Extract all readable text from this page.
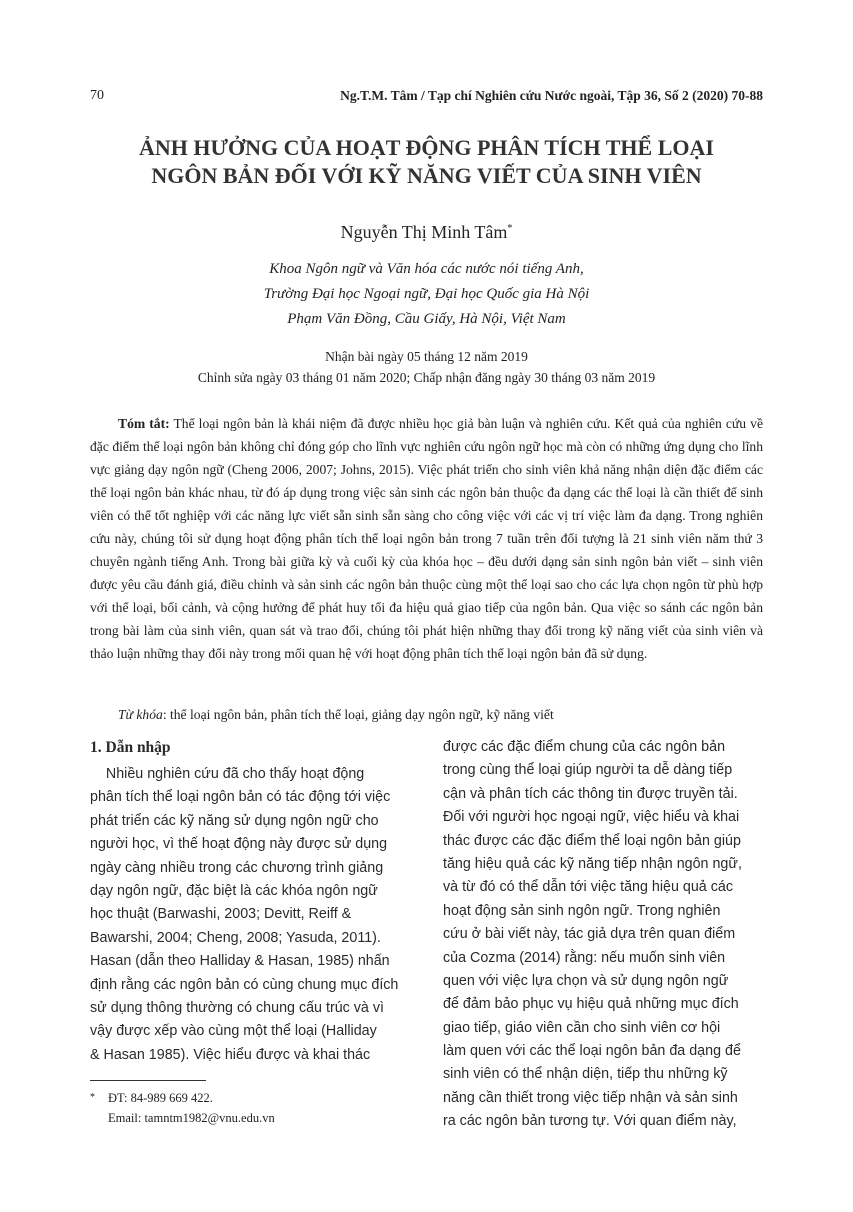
70	Ng.T.M. Tâm / Tạp chí Nghiên cứu Nước ngoài, Tập 36, Số 2 (2020) 70-88
ẢNH HƯỞNG CỦA HOẠT ĐỘNG PHÂN TÍCH THỂ LOẠI
NGÔN BẢN ĐỐI VỚI KỸ NĂNG VIẾT CỦA SINH VIÊN
Nguyễn Thị Minh Tâm*
Khoa Ngôn ngữ và Văn hóa các nước nói tiếng Anh,
Trường Đại học Ngoại ngữ, Đại học Quốc gia Hà Nội
Phạm Văn Đồng, Cầu Giấy, Hà Nội, Việt Nam
Nhận bài ngày 05 tháng 12 năm 2019
Chỉnh sửa ngày 03 tháng 01 năm 2020; Chấp nhận đăng ngày 30 tháng 03 năm 2019
Tóm tắt: Thể loại ngôn bản là khái niệm đã được nhiều học giả bàn luận và nghiên cứu. Kết quả của nghiên cứu về đặc điểm thể loại ngôn bản không chỉ đóng góp cho lĩnh vực nghiên cứu ngôn ngữ học mà còn có những ứng dụng cho lĩnh vực giảng dạy ngôn ngữ (Cheng 2006, 2007; Johns, 2015). Việc phát triển cho sinh viên khả năng nhận diện đặc điểm các thể loại ngôn bản khác nhau, từ đó áp dụng trong việc sản sinh các ngôn bản thuộc đa dạng các thể loại là cần thiết để sinh viên có thể tốt nghiệp với các năng lực viết sẵn sinh sẵn sàng cho công việc với các vị trí việc làm đa dạng. Trong nghiên cứu này, chúng tôi sử dụng hoạt động phân tích thể loại ngôn bản trong 7 tuần trên đối tượng là 21 sinh viên năm thứ 3 chuyên ngành tiếng Anh. Trong bài giữa kỳ và cuối kỳ của khóa học – đều dưới dạng sản sinh ngôn bản viết – sinh viên được yêu cầu đánh giá, điều chỉnh và sản sinh các ngôn bản thuộc cùng một thể loại sao cho các lựa chọn ngôn từ phù hợp với thể loại, bối cảnh, và cộng hưởng để phát huy tối đa hiệu quả giao tiếp của ngôn bản. Qua việc so sánh các ngôn bản trong bài làm của sinh viên, quan sát và trao đổi, chúng tôi phát hiện những thay đổi trong kỹ năng viết của sinh viên và thảo luận những thay đổi này trong mối quan hệ với hoạt động phân tích thể loại ngôn bản đã sử dụng.
Từ khóa: thể loại ngôn bản, phân tích thể loại, giảng dạy ngôn ngữ, kỹ năng viết
1. Dẫn nhập
Nhiều nghiên cứu đã cho thấy hoạt động
phân tích thể loại ngôn bản có tác động tới việc
phát triển các kỹ năng sử dụng ngôn ngữ cho
người học, vì thế hoạt động này được sử dụng
ngày càng nhiều trong các chương trình giảng
dạy ngôn ngữ, đặc biệt là các khóa ngôn ngữ
học thuật (Barwashi, 2003; Devitt, Reiff &
Bawarshi, 2004; Cheng, 2008; Yasuda, 2011).
Hasan (dẫn theo Halliday & Hasan, 1985) nhấn
định rằng các ngôn bản có cùng chung mục đích
sử dụng thông thường có chung cấu trúc và vì
vậy được xếp vào cùng một thể loại (Halliday
& Hasan 1985). Việc hiểu được và khai thác
được các đặc điểm chung của các ngôn bản
trong cùng thể loại giúp người ta dễ dàng tiếp
cận và phân tích các thông tin được truyền tải.
Đối với người học ngoại ngữ, việc hiểu và khai
thác được các đặc điểm thể loại ngôn bản giúp
tăng hiệu quả các kỹ năng tiếp nhận ngôn ngữ,
và từ đó có thể dẫn tới việc tăng hiệu quả các
hoạt động sản sinh ngôn ngữ. Trong nghiên
cứu ở bài viết này, tác giả dựa trên quan điểm
của Cozma (2014) rằng: nếu muốn sinh viên
quen với việc lựa chọn và sử dụng ngôn ngữ
để đảm bảo phục vụ hiệu quả những mục đích
giao tiếp, giáo viên cần cho sinh viên cơ hội
làm quen với các thể loại ngôn bản đa dạng để
sinh viên có thể nhận diện, tiếp thu những kỹ
năng cần thiết trong việc tiếp nhận và sản sinh
ra các ngôn bản tương tự. Với quan điểm này,
* ĐT: 84-989 669 422.
Email: tamntm1982@vnu.edu.vn
